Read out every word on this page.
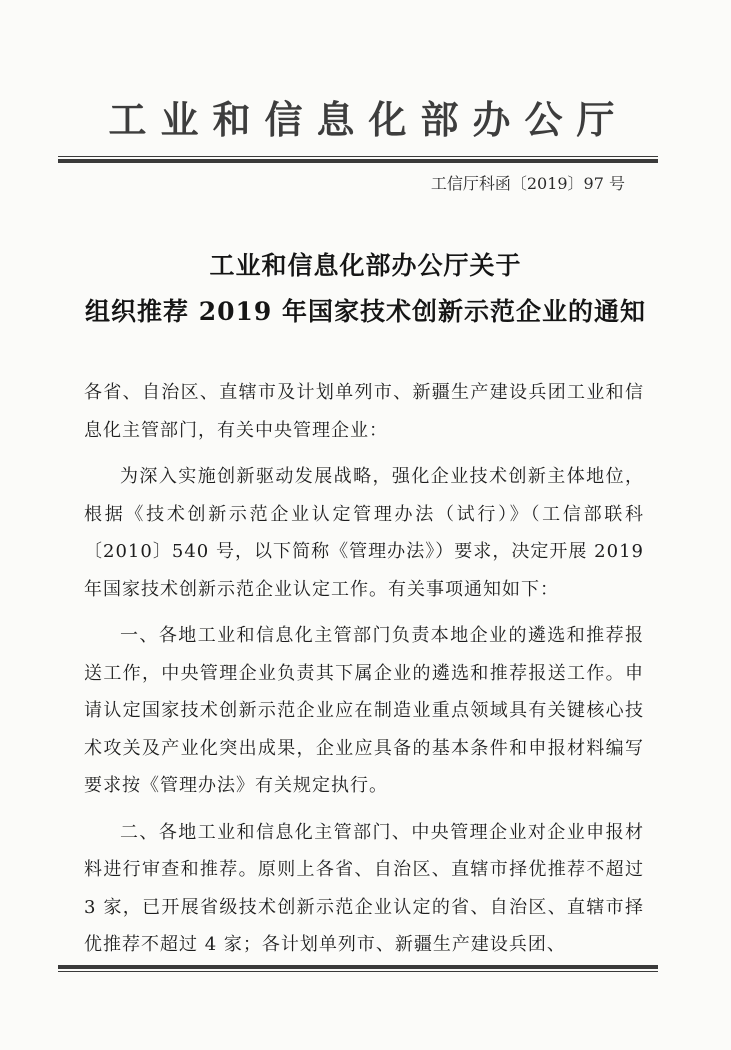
工业和信息化部办公厅
工信厅科函〔2019〕97 号
工业和信息化部办公厅关于
组织推荐 2019 年国家技术创新示范企业的通知

各省、自治区、直辖市及计划单列市、新疆生产建设兵团工业和信息化主管部门，有关中央管理企业：

为深入实施创新驱动发展战略，强化企业技术创新主体地位，根据《技术创新示范企业认定管理办法（试行）》（工信部联科〔2010〕540 号，以下简称《管理办法》）要求，决定开展 2019 年国家技术创新示范企业认定工作。有关事项通知如下：

一、各地工业和信息化主管部门负责本地企业的遴选和推荐报送工作，中央管理企业负责其下属企业的遴选和推荐报送工作。申请认定国家技术创新示范企业应在制造业重点领域具有关键核心技术攻关及产业化突出成果，企业应具备的基本条件和申报材料编写要求按《管理办法》有关规定执行。

二、各地工业和信息化主管部门、中央管理企业对企业申报材料进行审查和推荐。原则上各省、自治区、直辖市择优推荐不超过 3 家，已开展省级技术创新示范企业认定的省、自治区、直辖市择优推荐不超过 4 家；各计划单列市、新疆生产建设兵团、
